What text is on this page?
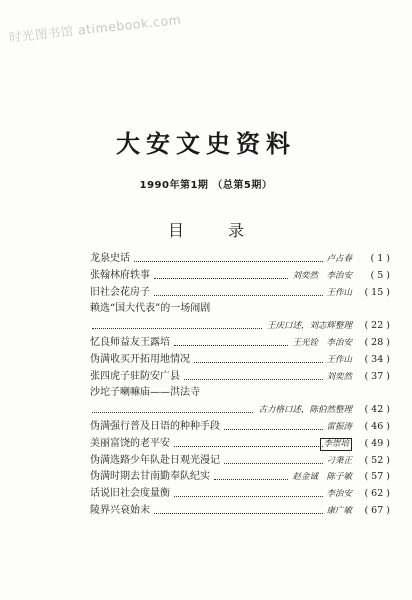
时光图书馆 atimebook.com
大安文史资料
1990年第1期 （总第5期）
目录
龙泉史话	卢占春 ( 1 )
张翰林府轶事	刘奕然　李治安 ( 5 )
旧社会花房子	王作山 ( 15 )
赖选“国大代表”的一场闹剧
王庆口述，刘志辉整理 ( 22 )
忆良师益友王露培	王光铨　李治安 ( 28 )
伪满收买开拓用地情况	王作山 ( 34 )
张四虎子驻防安广县	刘奕然 ( 37 )
沙坨子喇嘛庙——洪法寺
古力格口述，陈伯然整理 ( 42 )
伪满强行普及日语的种种手段	雷振涛 ( 46 )
美丽富饶的老平安	李崇培	( 49 )
伪满选路少年队赴日观光漫记	刁秉正 ( 52 )
伪满时期去甘南勤奉队纪实	赵金诚　陈子敏 ( 57 )
话说旧社会度量衡	李治安 ( 62 )
陵界兴衰始末	康广敏 ( 67 )
